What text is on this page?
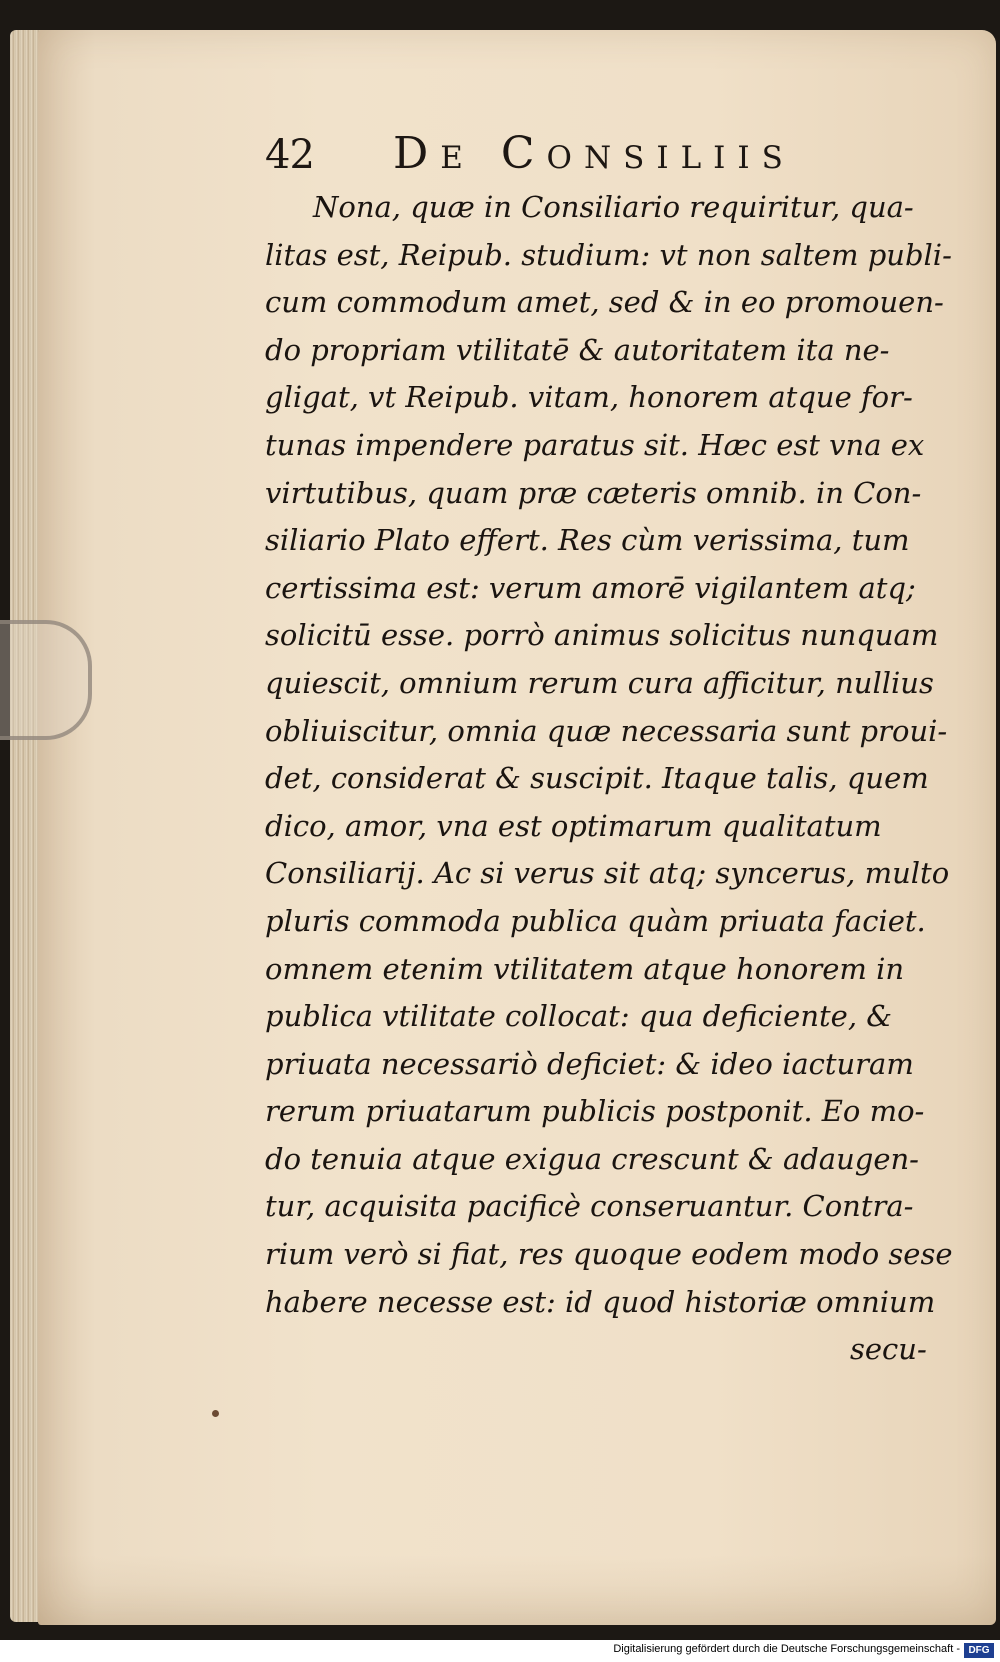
42 De Consiliis
Nona, quæ in Consiliario requiritur, qua-
litas est, Reipub. studium: vt non saltem publi-
cum commodum amet, sed & in eo promouen-
do propriam vtilitatē & autoritatem ita ne-
gligat, vt Reipub. vitam, honorem atque for-
tunas impendere paratus sit. Hæc est vna ex
virtutibus, quam præ cæteris omnib. in Con-
siliario Plato effert. Res cùm verissima, tum
certissima est: verum amorē vigilantem atq;
solicitū esse. porrò animus solicitus nunquam
quiescit, omnium rerum cura afficitur, nullius
obliuiscitur, omnia quæ necessaria sunt proui-
det, considerat & suscipit. Itaque talis, quem
dico, amor, vna est optimarum qualitatum
Consiliarij. Ac si verus sit atq; syncerus, multo
pluris commoda publica quàm priuata faciet.
omnem etenim vtilitatem atque honorem in
publica vtilitate collocat: qua deficiente, &
priuata necessariò deficiet: & ideo iacturam
rerum priuatarum publicis postponit. Eo mo-
do tenuia atque exigua crescunt & adaugen-
tur, acquisita pacificè conseruantur. Contra-
rium verò si fiat, res quoque eodem modo sese
habere necesse est: id quod historiæ omnium
secu-
Digitalisierung gefördert durch die Deutsche Forschungsgemeinschaft - DFG
